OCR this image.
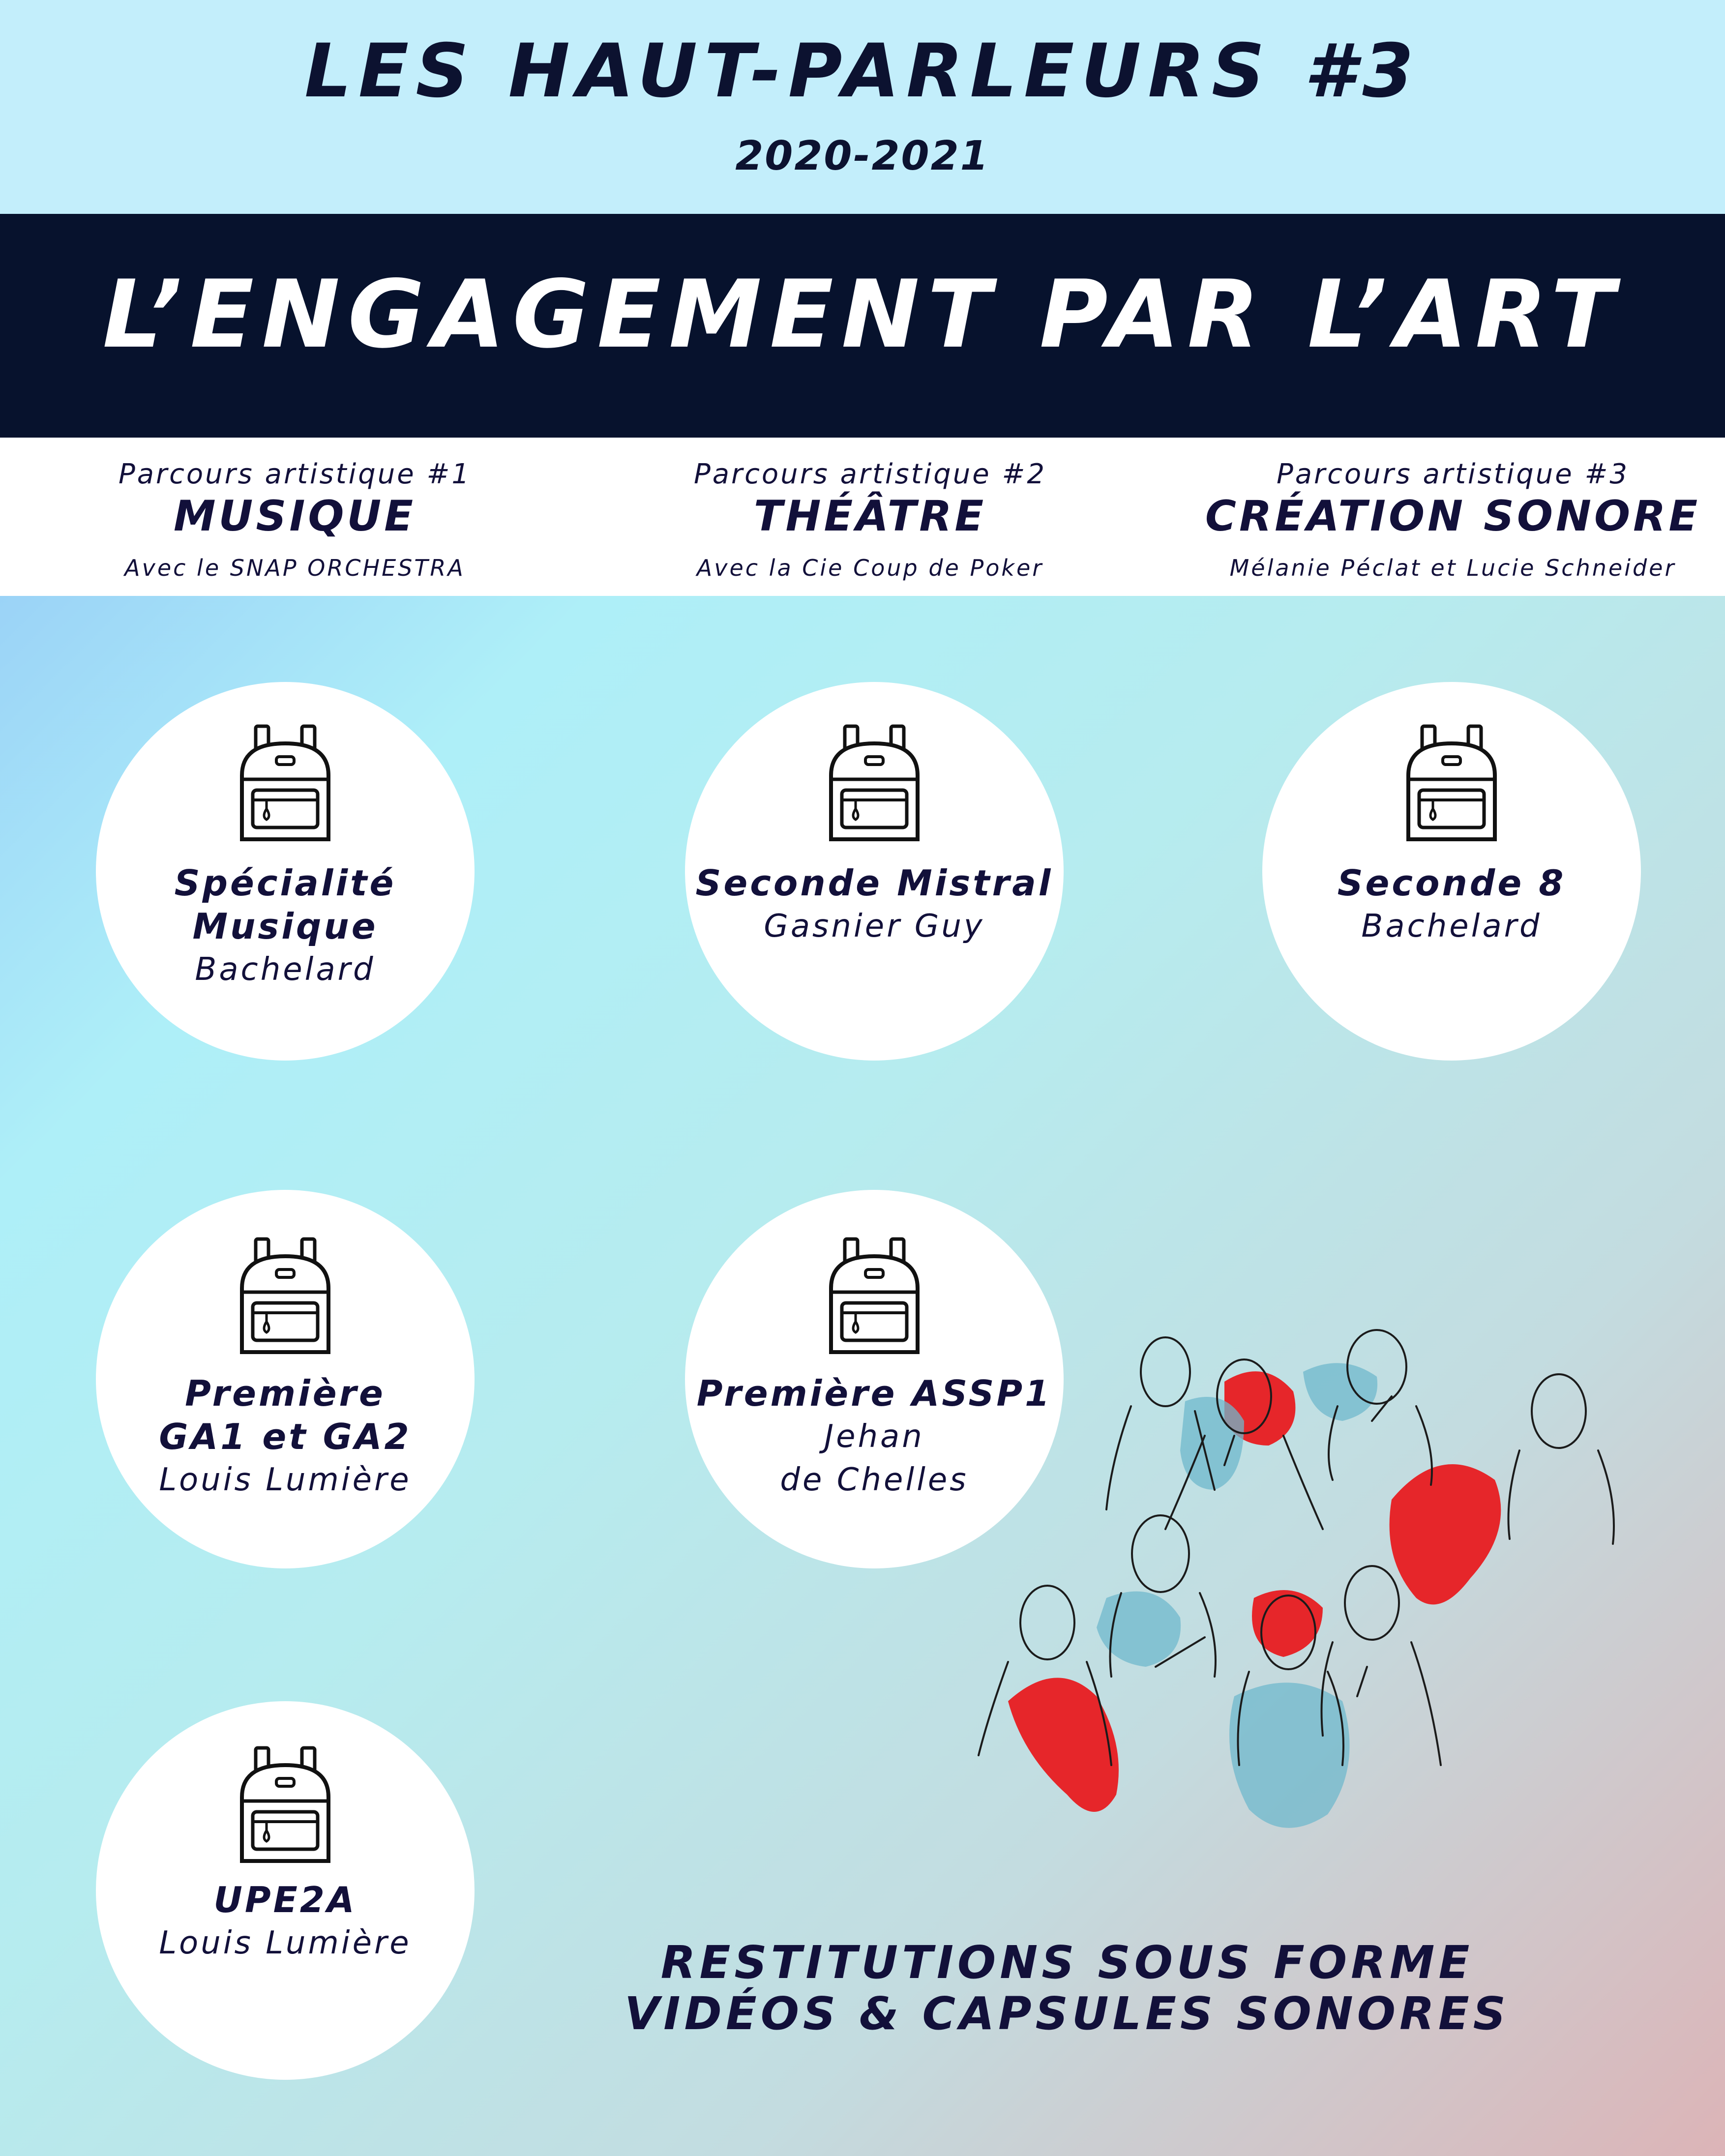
LES HAUT-PARLEURS #3
2020-2021
L’ENGAGEMENT PAR L’ART
Parcours artistique #1
MUSIQUE
Avec le SNAP ORCHESTRA
Parcours artistique #2
THÉÂTRE
Avec la Cie Coup de Poker
Parcours artistique #3
CRÉATION SONORE
Mélanie Péclat et Lucie Schneider
Spécialité
Musique
Bachelard
Seconde Mistral
Gasnier Guy
Seconde 8
Bachelard
Première
GA1 et GA2
Louis Lumière
Première ASSP1
Jehan
de Chelles
UPE2A
Louis Lumière	RESTITUTIONS SOUS FORME
VIDÉOS & CAPSULES SONORES
